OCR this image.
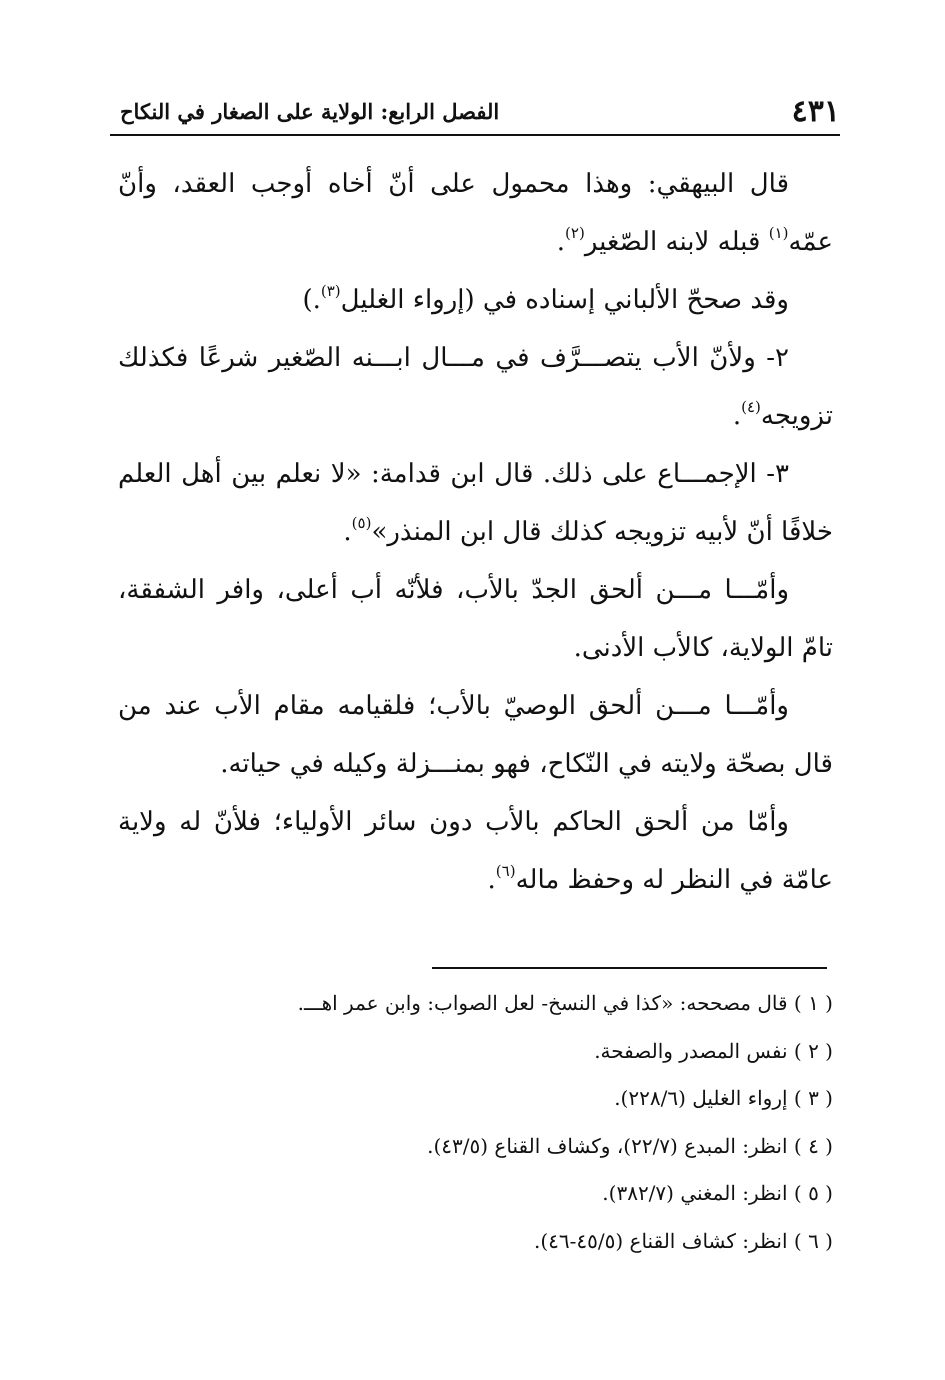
٤٣١
الفصل الرابع: الولاية على الصغار في النكاح

قال البيهقي: وهذا محمول على أنّ أخاه أوجب العقد، وأنّ عمّه$^{(١)}$ قبله لابنه الصّغير$^{(٢)}$.

وقد صححّ الألباني إسناده في (إرواء الغليل$^{(٣)}$.)

٢- ولأنّ الأب يتصـــرَّف في مـــال ابـــنه الصّغير شرعًا فكذلك تزويجه$^{(٤)}$.

٣- الإجمـــاع على ذلك. قال ابن قدامة: «لا نعلم بين أهل العلم خلافًا أنّ لأبيه تزويجه كذلك قال ابن المنذر»$^{(٥)}$.

وأمّـــا مـــن ألحق الجدّ بالأب، فلأنّه أب أعلى، وافر الشفقة، تامّ الولاية، كالأب الأدنى.

وأمّـــا مـــن ألحق الوصيّ بالأب؛ فلقيامه مقام الأب عند من قال بصحّة ولايته في النّكاح، فهو بمنـــزلة وكيله في حياته.

وأمّا من ألحق الحاكم بالأب دون سائر الأولياء؛ فلأنّ له ولاية عامّة في النظر له وحفظ ماله$^{(٦)}$.

( ١ ) قال مصححه: «كذا في النسخ- لعل الصواب: وابن عمر اهـــ.

( ٢ ) نفس المصدر والصفحة.

( ٣ ) إرواء الغليل (٢٢٨/٦).

( ٤ ) انظر: المبدع (٢٢/٧)، وكشاف القناع (٤٣/٥).

( ٥ ) انظر: المغني (٣٨٢/٧).

( ٦ ) انظر: كشاف القناع (٤٥/٥-٤٦).
